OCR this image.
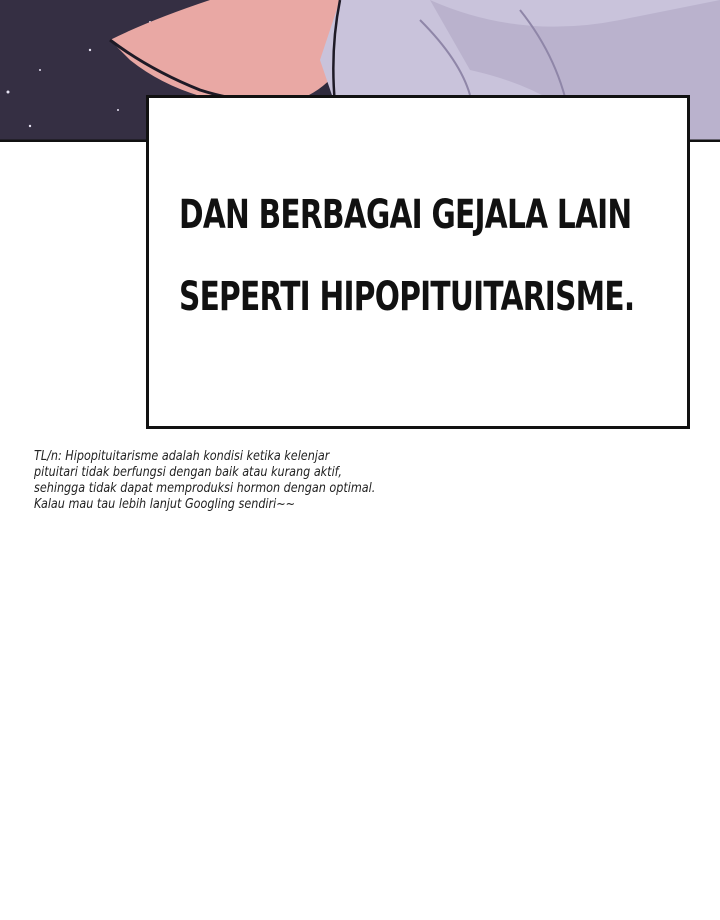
DAN BERBAGAI GEJALA LAIN
SEPERTI HIPOPITUITARISME.
TL/n: Hipopituitarisme adalah kondisi ketika kelenjar
pituitari tidak berfungsi dengan baik atau kurang aktif,
sehingga tidak dapat memproduksi hormon dengan optimal.
Kalau mau tau lebih lanjut Googling sendiri~~
